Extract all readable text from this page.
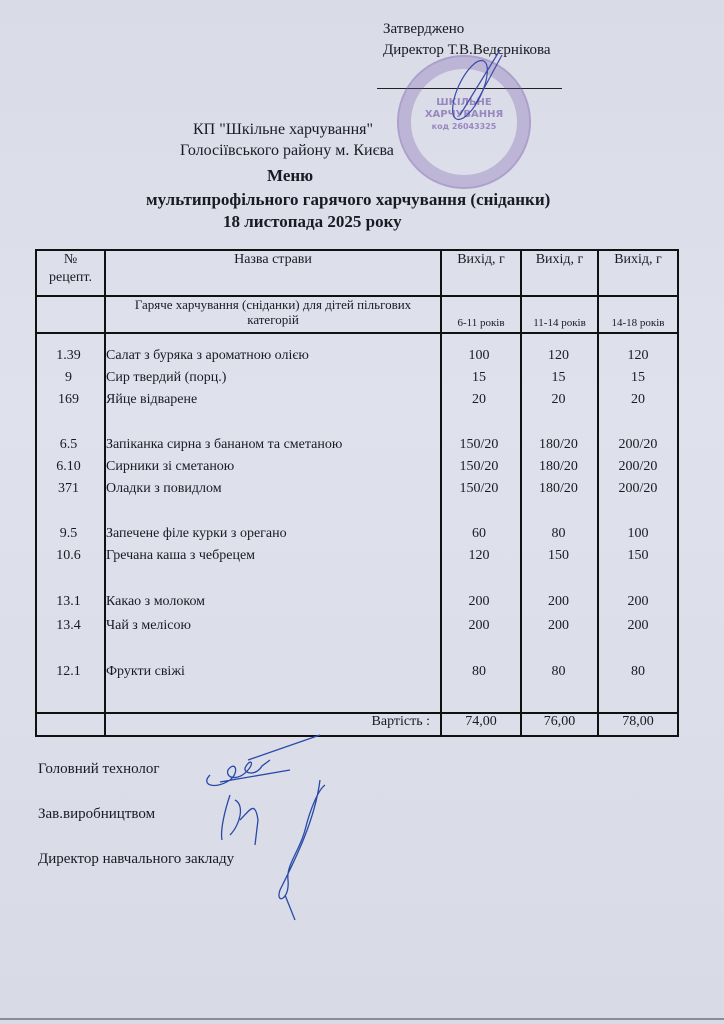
Затверджено
Директор Т.В.Ведєрнікова
ШКІЛЬНЕ
ХАРЧУВАННЯ
код 26043325
КП "Шкільне харчування"
Голосіївського району м. Києва
Меню
мультипрофільного гарячого харчування (сніданки)
18 листопада 2025 року
№
рецепт.	Назва страви	Вихід, г	Вихід, г	Вихід, г
	Гаряче харчування (сніданки) для дітей пільгових категорій	6-11 років	11-14 років	14-18 років

	Вартість :	74,00	76,00	78,00
1.39	Салат з буряка з ароматною олією	100	120	120
9	Сир твердий (порц.)	15	15	15
169	Яйце відварене	20	20	20
6.5	Запіканка сирна з бананом та сметаною	150/20	180/20	200/20
6.10	Сирники зі сметаною	150/20	180/20	200/20
371	Оладки з повидлом	150/20	180/20	200/20
9.5	Запечене філе курки з орегано	60	80	100
10.6	Гречана каша з чебрецем	120	150	150
13.1	Какао з молоком	200	200	200
13.4	Чай з мелісою	200	200	200
12.1	Фрукти свіжі	80	80	80
Головний технолог
Зав.виробництвом
Директор навчального закладу
